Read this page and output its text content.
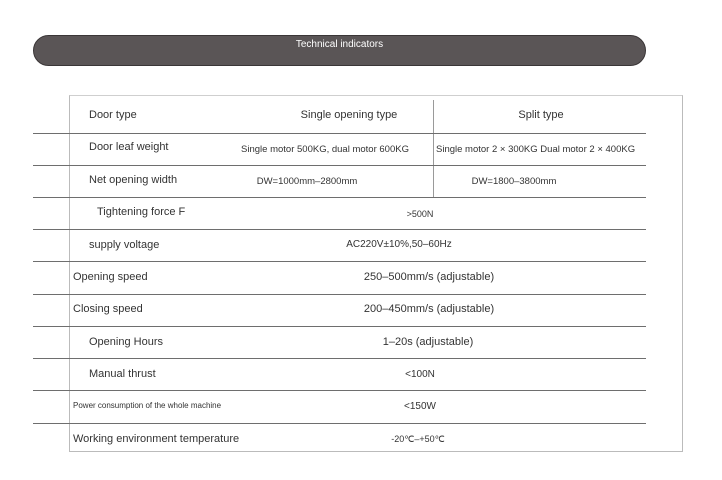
Technical indicators
Door type	Single opening type	Split type
Door leaf weight	Single motor 500KG, dual motor 600KG	Single motor 2 × 300KG Dual motor 2 × 400KG
Net opening width	DW=1000mm–2800mm	DW=1800–3800mm
Tightening force F	>500N
supply voltage	AC220V±10%,50–60Hz
Opening speed	250–500mm/s (adjustable)
Closing speed	200–450mm/s (adjustable)
Opening Hours	1–20s (adjustable)
Manual thrust	<100N
Power consumption of the whole machine	<150W
Working environment temperature	-20℃–+50℃
